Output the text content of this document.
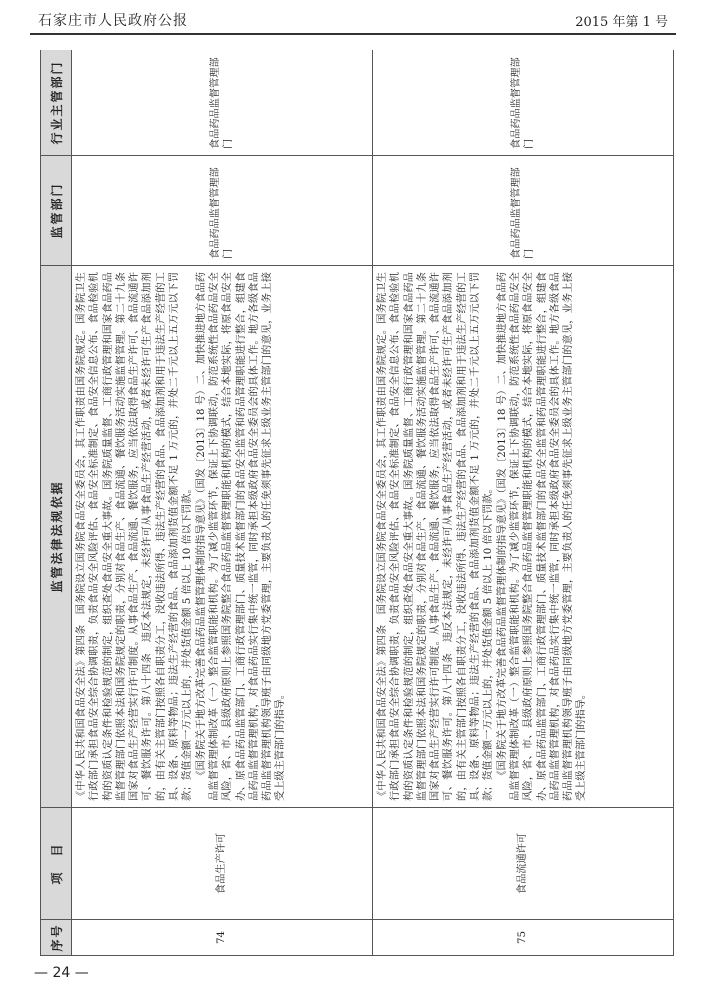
石家庄市人民政府公报	2015 年第 1 号
序号	项　目	监管法律法规依据	监管部门	行业主管部门
74	食品生产许可	《中华人民共和国食品安全法》第四条　国务院设立国务院食品安全委员会，其工作职责由国务院规定。国务院卫生行政部门承担食品安全综合协调职责，负责食品安全风险评估、食品安全标准制定、食品安全信息公布、食品检验机构的资质认定条件和检验规范的制定，组织查处食品安全重大事故。国务院质量监督、工商行政管理和国家食品药品监督管理部门依照本法和国务院规定的职责，分别对食品生产、食品流通、餐饮服务活动实施监督管理。第二十九条　国家对食品生产经营实行许可制度。从事食品生产、食品流通、餐饮服务，应当依法取得食品生产许可、食品流通许可、餐饮服务许可。第八十四条　违反本法规定，未经许可从事食品生产经营活动，或者未经许可生产食品添加剂的，由有关主管部门按照各自职责分工，没收违法所得、违法生产经营的食品、食品添加剂和用于违法生产经营的工具、设备、原料等物品；违法生产经营的食品、食品添加剂货值金额不足 1 万元的，并处二千元以上五万元以下罚款；货值金额一万元以上的，并处货值金额 5 倍以上 10 倍以下罚款。 《国务院关于地方改革完善食品药品监督管理体制的指导意见》（国发〔2013〕18 号）二、加快推进地方食品药品监督管理体制改革（一）整合监管职能和机构。为了减少监管环节，保证上下协调联动，防范系统性食品药品安全风险，省、市、县级政府原则上参照国务院整合食品药品监督管理职能和机构的模式，结合本地实际，将原食品安全办、原食品药品监管部门、工商行政管理部门、质量技术监督部门的食品安全监管和药品管理职能进行整合，组建食品药品监督管理机构，对食品药品实行集中统一监管，同时承担本级政府食品安全委员会的具体工作。地方各级食品药品监督管理机构领导班子由同级地方党委管理，主要负责人的任免须事先征求上级业务主管部门的意见，业务上接受上级主管部门的指导。	食品药品监督管理部门	食品药品监督管理部门
75	食品流通许可	《中华人民共和国食品安全法》第四条　国务院设立国务院食品安全委员会，其工作职责由国务院规定。国务院卫生行政部门承担食品安全综合协调职责，负责食品安全风险评估、食品安全标准制定、食品安全信息公布、食品检验机构的资质认定条件和检验规范的制定，组织查处食品安全重大事故。国务院质量监督、工商行政管理和国家食品药品监督管理部门依照本法和国务院规定的职责，分别对食品生产、食品流通、餐饮服务活动实施监督管理。第二十九条　国家对食品生产经营实行许可制度。从事食品生产、食品流通、餐饮服务，应当依法取得食品生产许可、食品流通许可、餐饮服务许可。第八十四条　违反本法规定，未经许可从事食品生产经营活动，或者未经许可生产食品添加剂的，由有关主管部门按照各自职责分工，没收违法所得、违法生产经营的食品、食品添加剂和用于违法生产经营的工具、设备、原料等物品；违法生产经营的食品、食品添加剂货值金额不足 1 万元的，并处二千元以上五万元以下罚款；货值金额一万元以上的，并处货值金额 5 倍以上 10 倍以下罚款。 《国务院关于地方改革完善食品药品监督管理体制的指导意见》（国发〔2013〕18 号）二、加快推进地方食品药品监督管理体制改革（一）整合监管职能和机构。为了减少监管环节，保证上下协调联动，防范系统性食品药品安全风险，省、市、县级政府原则上参照国务院整合食品药品监督管理职能和机构的模式，结合本地实际，将原食品安全办、原食品药品监管部门、工商行政管理部门、质量技术监督部门的食品安全监管和药品管理职能进行整合，组建食品药品监督管理机构，对食品药品实行集中统一监管，同时承担本级政府食品安全委员会的具体工作。地方各级食品药品监督管理机构领导班子由同级地方党委管理，主要负责人的任免须事先征求上级业务主管部门的意见，业务上接受上级主管部门的指导。	食品药品监督管理部门	食品药品监督管理部门
— 24 —
